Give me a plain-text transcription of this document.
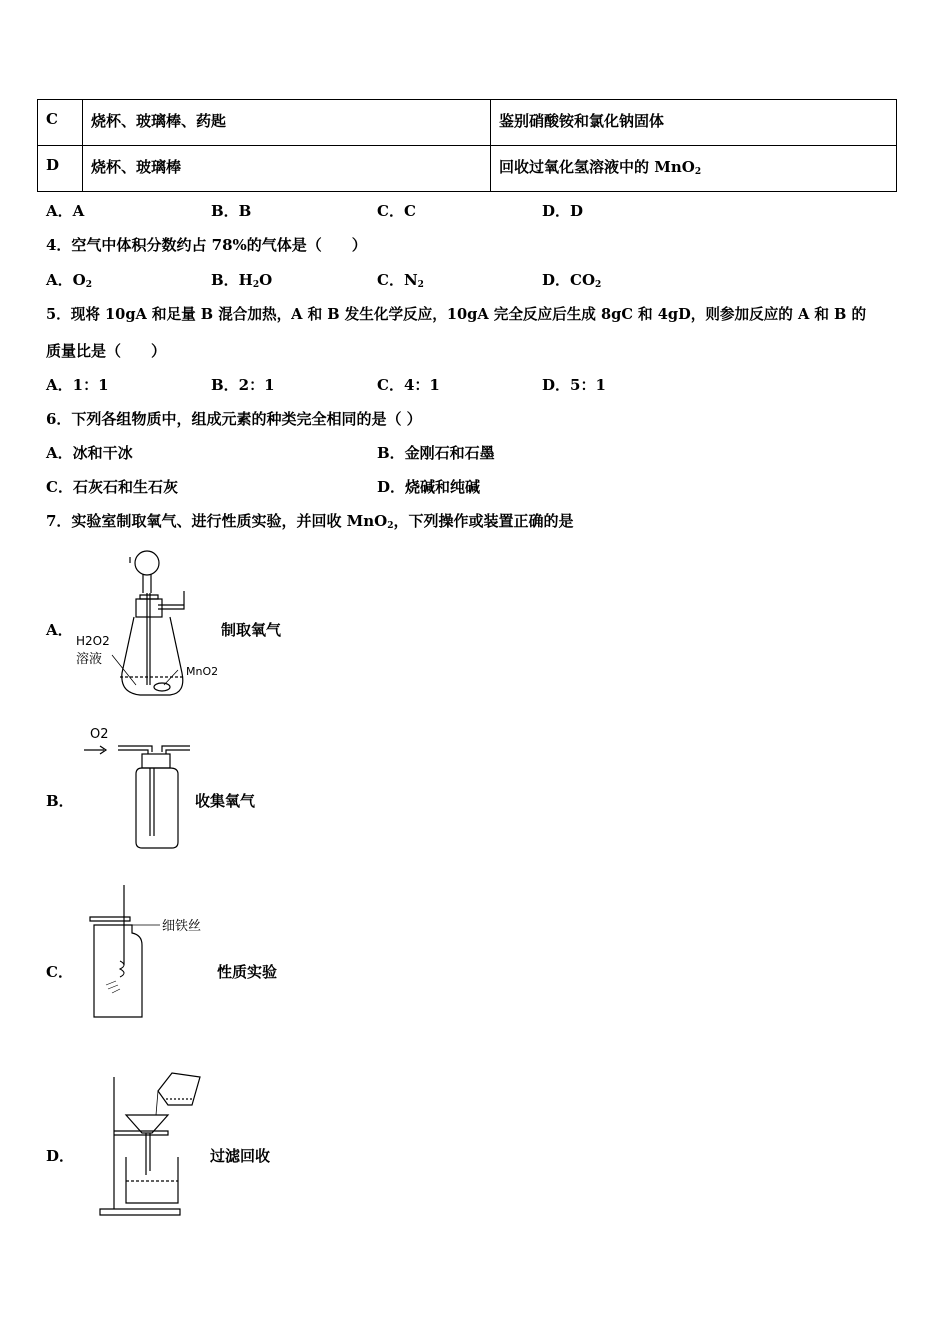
C	烧杯、玻璃棒、药匙	鉴别硝酸铵和氯化钠固体
D	烧杯、玻璃棒	回收过氧化氢溶液中的 MnO$_2$
A．A	B．B	C．C	D．D
4．空气中体积分数约占 78%的气体是（　　）
A．$O_2$	B．$H_2O$	C．$N_2$	D．$CO_2$
5．现将 10gA 和足量 B 混合加热，A 和 B 发生化学反应，10gA 完全反应后生成 8gC 和 4gD，则参加反应的 A 和 B 的
质量比是（　　）
A．1：1	B．2：1	C．4：1	D．5：1
6．下列各组物质中，组成元素的种类完全相同的是（ ）
A．冰和干冰	B．金刚石和石墨
C．石灰石和生石灰	D．烧碱和纯碱
7．实验室制取氧气、进行性质实验，并回收 MnO$_2$，下列操作或装置正确的是
A．
H2O2
溶液
MnO2
制取氧气
B．
O2
收集氧气
C．
细铁丝
性质实验
D．	过滤回收
